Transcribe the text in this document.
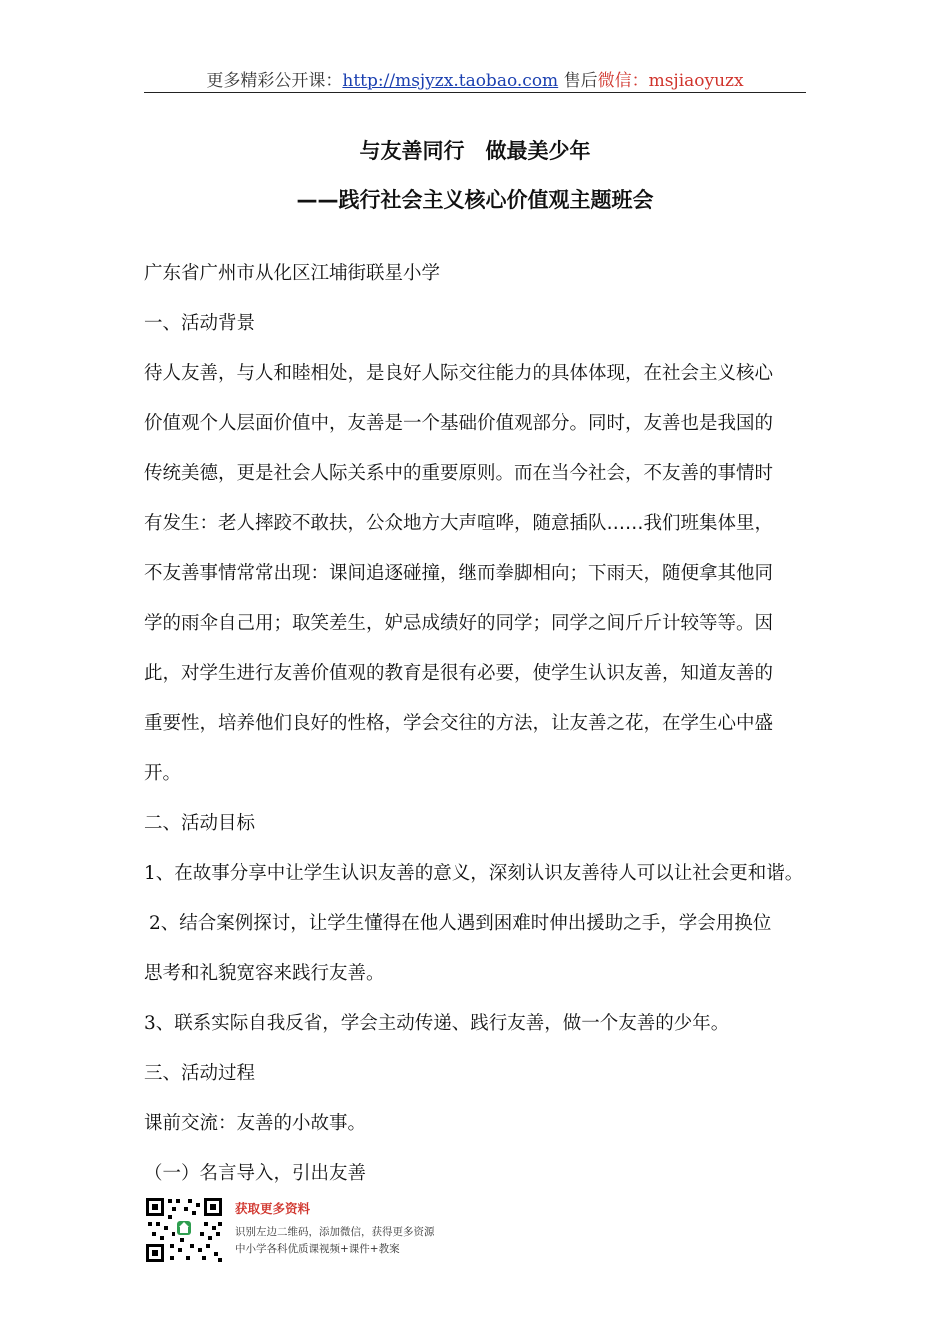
更多精彩公开课：http://msjyzx.taobao.com 售后微信：msjiaoyuzx
与友善同行　做最美少年
——践行社会主义核心价值观主题班会
广东省广州市从化区江埔街联星小学
一、活动背景
待人友善，与人和睦相处，是良好人际交往能力的具体体现，在社会主义核心
价值观个人层面价值中，友善是一个基础价值观部分。同时，友善也是我国的
传统美德，更是社会人际关系中的重要原则。而在当今社会，不友善的事情时
有发生：老人摔跤不敢扶，公众地方大声喧哗，随意插队……我们班集体里，
不友善事情常常出现：课间追逐碰撞，继而拳脚相向；下雨天，随便拿其他同
学的雨伞自己用；取笑差生，妒忌成绩好的同学；同学之间斤斤计较等等。因
此，对学生进行友善价值观的教育是很有必要，使学生认识友善，知道友善的
重要性，培养他们良好的性格，学会交往的方法，让友善之花，在学生心中盛
开。
二、活动目标
1、在故事分享中让学生认识友善的意义，深刻认识友善待人可以让社会更和谐。
2、结合案例探讨，让学生懂得在他人遇到困难时伸出援助之手，学会用换位
思考和礼貌宽容来践行友善。
3、联系实际自我反省，学会主动传递、践行友善，做一个友善的少年。
三、活动过程
课前交流：友善的小故事。
（一）名言导入，引出友善
获取更多资料
识别左边二维码，添加微信，获得更多资源
中小学各科优质课视频+课件+教案
